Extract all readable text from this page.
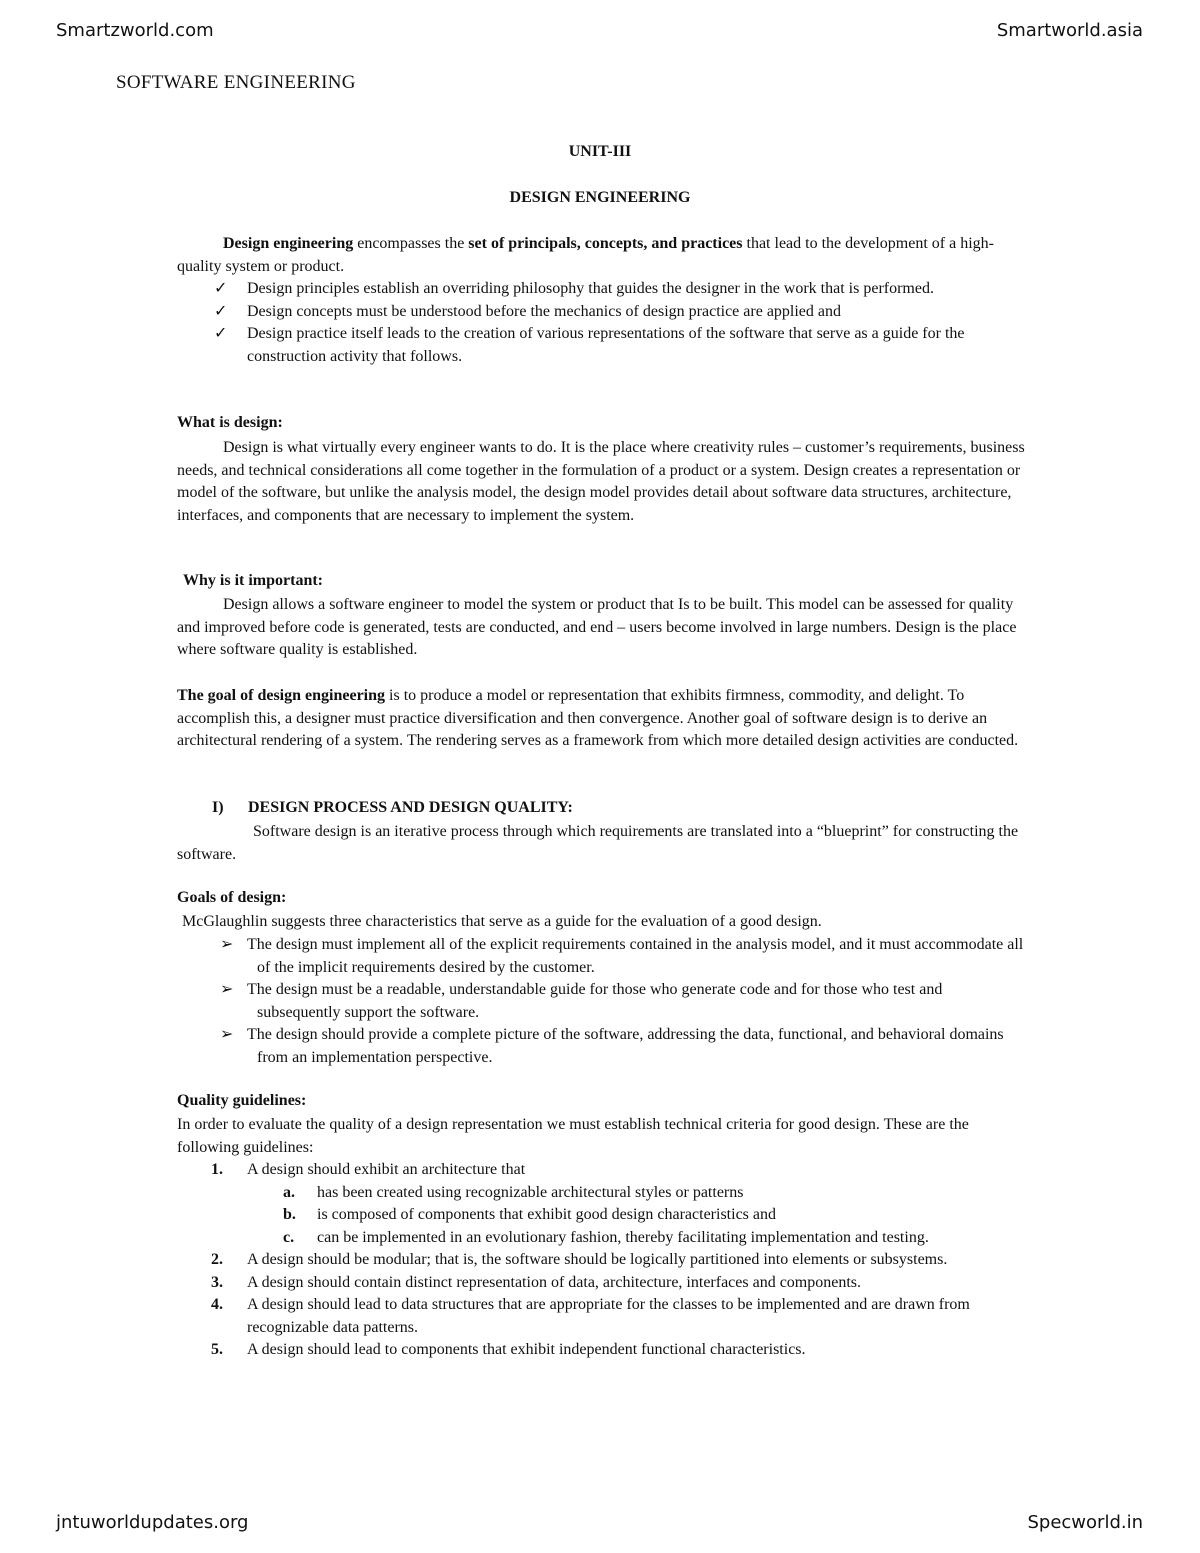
Smartzworld.com	Smartworld.asia
SOFTWARE ENGINEERING
UNIT-III
DESIGN ENGINEERING
Design engineering encompasses the set of principals, concepts, and practices that lead to the development of a high- quality system or product.
✓ Design principles establish an overriding philosophy that guides the designer in the work that is performed.
✓ Design concepts must be understood before the mechanics of design practice are applied and
✓ Design practice itself leads to the creation of various representations of the software that serve as a guide for the construction activity that follows.
What is design:
Design is what virtually every engineer wants to do. It is the place where creativity rules – customer’s requirements, business needs, and technical considerations all come together in the formulation of a product or a system. Design creates a representation or model of the software, but unlike the analysis model, the design model provides detail about software data structures, architecture, interfaces, and components that are necessary to implement the system.
Why is it important:
Design allows a software engineer to model the system or product that Is to be built. This model can be assessed for quality and improved before code is generated, tests are conducted, and end – users become involved in large numbers. Design is the place where software quality is established.
The goal of design engineering is to produce a model or representation that exhibits firmness, commodity, and delight. To accomplish this, a designer must practice diversification and then convergence. Another goal of software design is to derive an architectural rendering of a system. The rendering serves as a framework from which more detailed design activities are conducted.
I) DESIGN PROCESS AND DESIGN QUALITY:
Software design is an iterative process through which requirements are translated into a “blueprint” for constructing the software.
Goals of design:
McGlaughlin suggests three characteristics that serve as a guide for the evaluation of a good design.
➢ The design must implement all of the explicit requirements contained in the analysis model, and it must accommodate all of the implicit requirements desired by the customer.
➢ The design must be a readable, understandable guide for those who generate code and for those who test and subsequently support the software.
➢ The design should provide a complete picture of the software, addressing the data, functional, and behavioral domains from an implementation perspective.
Quality guidelines:
In order to evaluate the quality of a design representation we must establish technical criteria for good design. These are the following guidelines:
1. A design should exhibit an architecture that
a. has been created using recognizable architectural styles or patterns
b. is composed of components that exhibit good design characteristics and
c. can be implemented in an evolutionary fashion, thereby facilitating implementation and testing.
2. A design should be modular; that is, the software should be logically partitioned into elements or subsystems.
3. A design should contain distinct representation of data, architecture, interfaces and components.
4. A design should lead to data structures that are appropriate for the classes to be implemented and are drawn from recognizable data patterns.
5. A design should lead to components that exhibit independent functional characteristics.
jntuworldupdates.org	Specworld.in
